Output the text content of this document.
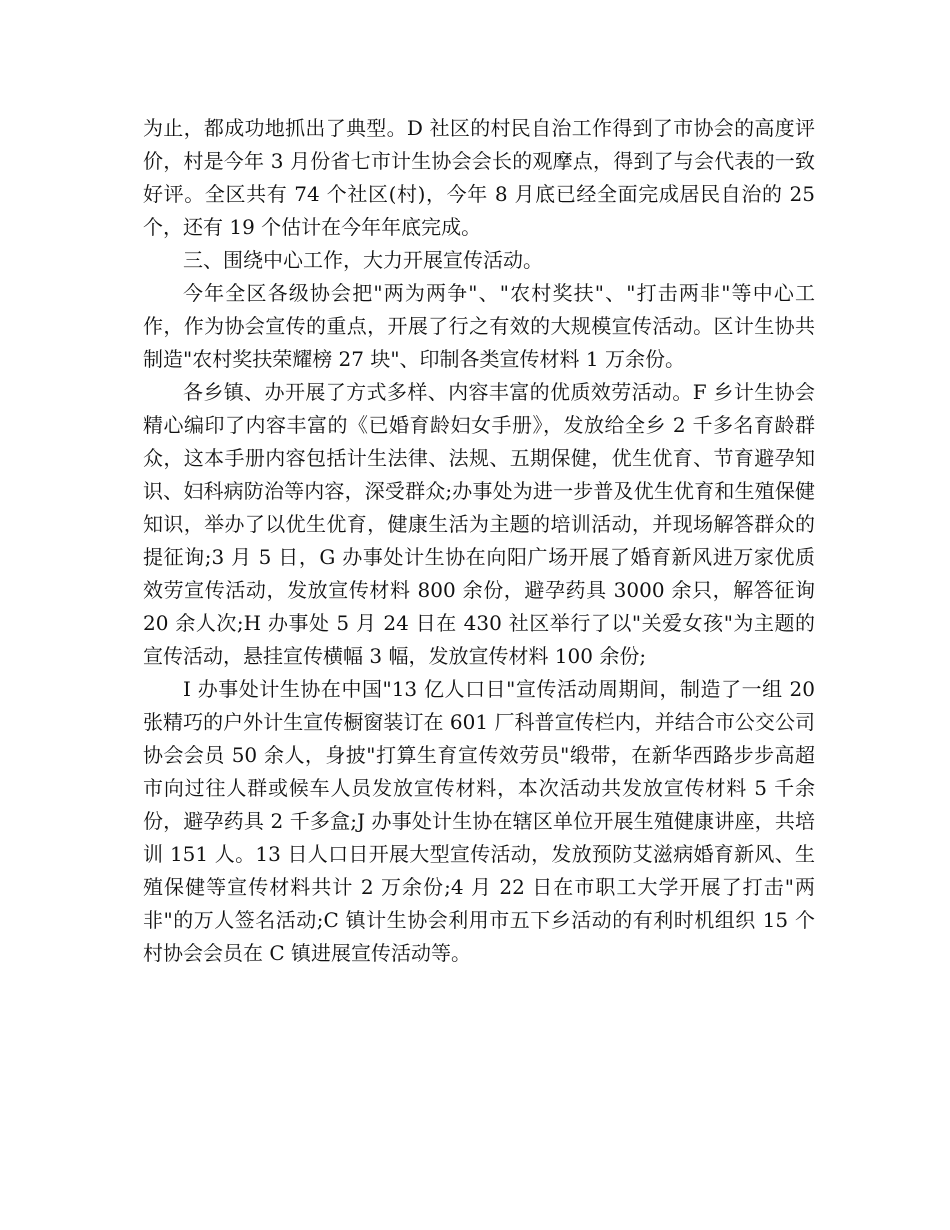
为止，都成功地抓出了典型。D 社区的村民自治工作得到了市协会的高度评价，村是今年 3 月份省七市计生协会会长的观摩点，得到了与会代表的一致好评。全区共有 74 个社区(村)，今年 8 月底已经全面完成居民自治的 25 个，还有 19 个估计在今年年底完成。

三、围绕中心工作，大力开展宣传活动。

今年全区各级协会把"两为两争"、"农村奖扶"、"打击两非"等中心工作，作为协会宣传的重点，开展了行之有效的大规模宣传活动。区计生协共制造"农村奖扶荣耀榜 27 块"、印制各类宣传材料 1 万余份。

各乡镇、办开展了方式多样、内容丰富的优质效劳活动。F 乡计生协会精心编印了内容丰富的《已婚育龄妇女手册》，发放给全乡 2 千多名育龄群众，这本手册内容包括计生法律、法规、五期保健，优生优育、节育避孕知识、妇科病防治等内容，深受群众;办事处为进一步普及优生优育和生殖保健知识，举办了以优生优育，健康生活为主题的培训活动，并现场解答群众的提征询;3 月 5 日，G 办事处计生协在向阳广场开展了婚育新风进万家优质效劳宣传活动，发放宣传材料 800 余份，避孕药具 3000 余只，解答征询 20 余人次;H 办事处 5 月 24 日在 430 社区举行了以"关爱女孩"为主题的宣传活动，悬挂宣传横幅 3 幅，发放宣传材料 100 余份;

I 办事处计生协在中国"13 亿人口日"宣传活动周期间，制造了一组 20 张精巧的户外计生宣传橱窗装订在 601 厂科普宣传栏内，并结合市公交公司协会会员 50 余人，身披"打算生育宣传效劳员"缎带，在新华西路步步高超市向过往人群或候车人员发放宣传材料，本次活动共发放宣传材料 5 千余份，避孕药具 2 千多盒;J 办事处计生协在辖区单位开展生殖健康讲座，共培训 151 人。13 日人口日开展大型宣传活动，发放预防艾滋病婚育新风、生殖保健等宣传材料共计 2 万余份;4 月 22 日在市职工大学开展了打击"两非"的万人签名活动;C 镇计生协会利用市五下乡活动的有利时机组织 15 个村协会会员在 C 镇进展宣传活动等。
